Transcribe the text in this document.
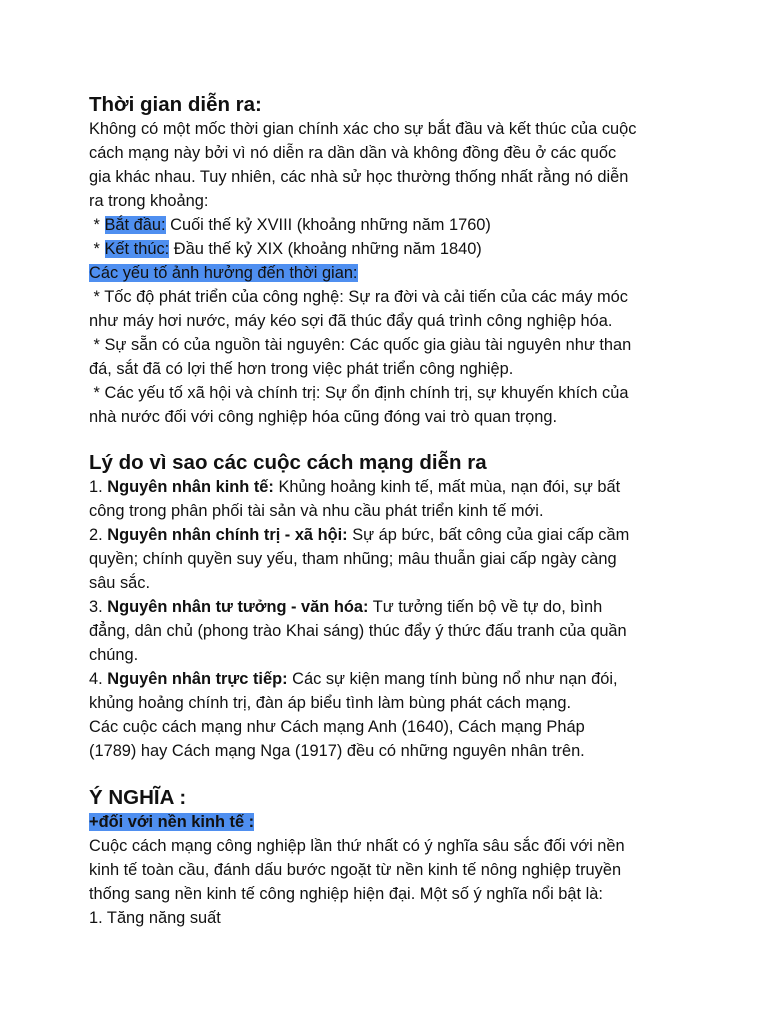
Thời gian diễn ra:
Không có một mốc thời gian chính xác cho sự bắt đầu và kết thúc của cuộc
cách mạng này bởi vì nó diễn ra dần dần và không đồng đều ở các quốc
gia khác nhau. Tuy nhiên, các nhà sử học thường thống nhất rằng nó diễn
ra trong khoảng:
* Bắt đầu: Cuối thế kỷ XVIII (khoảng những năm 1760)
* Kết thúc: Đầu thế kỷ XIX (khoảng những năm 1840)
Các yếu tố ảnh hưởng đến thời gian:
* Tốc độ phát triển của công nghệ: Sự ra đời và cải tiến của các máy móc
như máy hơi nước, máy kéo sợi đã thúc đẩy quá trình công nghiệp hóa.
* Sự sẵn có của nguồn tài nguyên: Các quốc gia giàu tài nguyên như than
đá, sắt đã có lợi thế hơn trong việc phát triển công nghiệp.
* Các yếu tố xã hội và chính trị: Sự ổn định chính trị, sự khuyến khích của
nhà nước đối với công nghiệp hóa cũng đóng vai trò quan trọng.
Lý do vì sao các cuộc cách mạng diễn ra
1. Nguyên nhân kinh tế: Khủng hoảng kinh tế, mất mùa, nạn đói, sự bất
công trong phân phối tài sản và nhu cầu phát triển kinh tế mới.
2. Nguyên nhân chính trị - xã hội: Sự áp bức, bất công của giai cấp cầm
quyền; chính quyền suy yếu, tham nhũng; mâu thuẫn giai cấp ngày càng
sâu sắc.
3. Nguyên nhân tư tưởng - văn hóa: Tư tưởng tiến bộ về tự do, bình
đẳng, dân chủ (phong trào Khai sáng) thúc đẩy ý thức đấu tranh của quần
chúng.
4. Nguyên nhân trực tiếp: Các sự kiện mang tính bùng nổ như nạn đói,
khủng hoảng chính trị, đàn áp biểu tình làm bùng phát cách mạng.
Các cuộc cách mạng như Cách mạng Anh (1640), Cách mạng Pháp
(1789) hay Cách mạng Nga (1917) đều có những nguyên nhân trên.
Ý NGHĨA :
+đối với nền kinh tế :
Cuộc cách mạng công nghiệp lần thứ nhất có ý nghĩa sâu sắc đối với nền
kinh tế toàn cầu, đánh dấu bước ngoặt từ nền kinh tế nông nghiệp truyền
thống sang nền kinh tế công nghiệp hiện đại. Một số ý nghĩa nổi bật là:
1. Tăng năng suất
